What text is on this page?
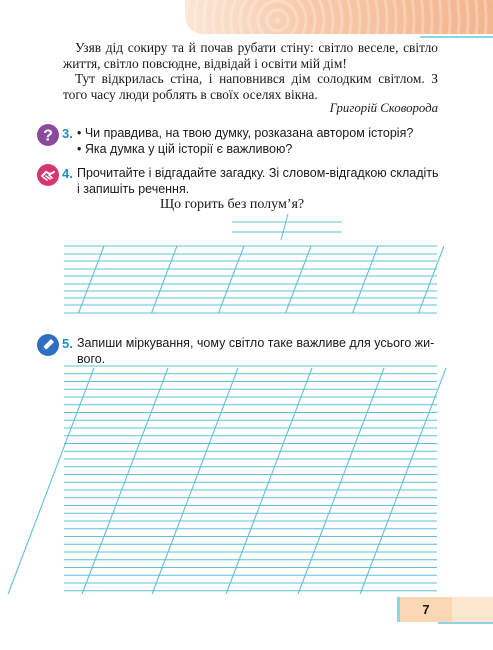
Узяв дід сокиру та й почав рубати стіну: світло веселе, світло життя, світло повсюдне, відвідай і освіти мій дім!

Тут відкрилась стіна, і наповнився дім солодким світлом. З того часу люди роблять в своїх оселях вікна.

Григорій Сковорода
? 3. • Чи правдива, на твою думку, розказана автором історія?
• Яка думка у цій історії є важливою?
4. Прочитайте і відгадайте загадку. Зі словом-відгадкою складіть
і запишіть речення.
Що горить без полум’я?
5. Запиши міркування, чому світло таке важливе для усього жи-
вого.
7
